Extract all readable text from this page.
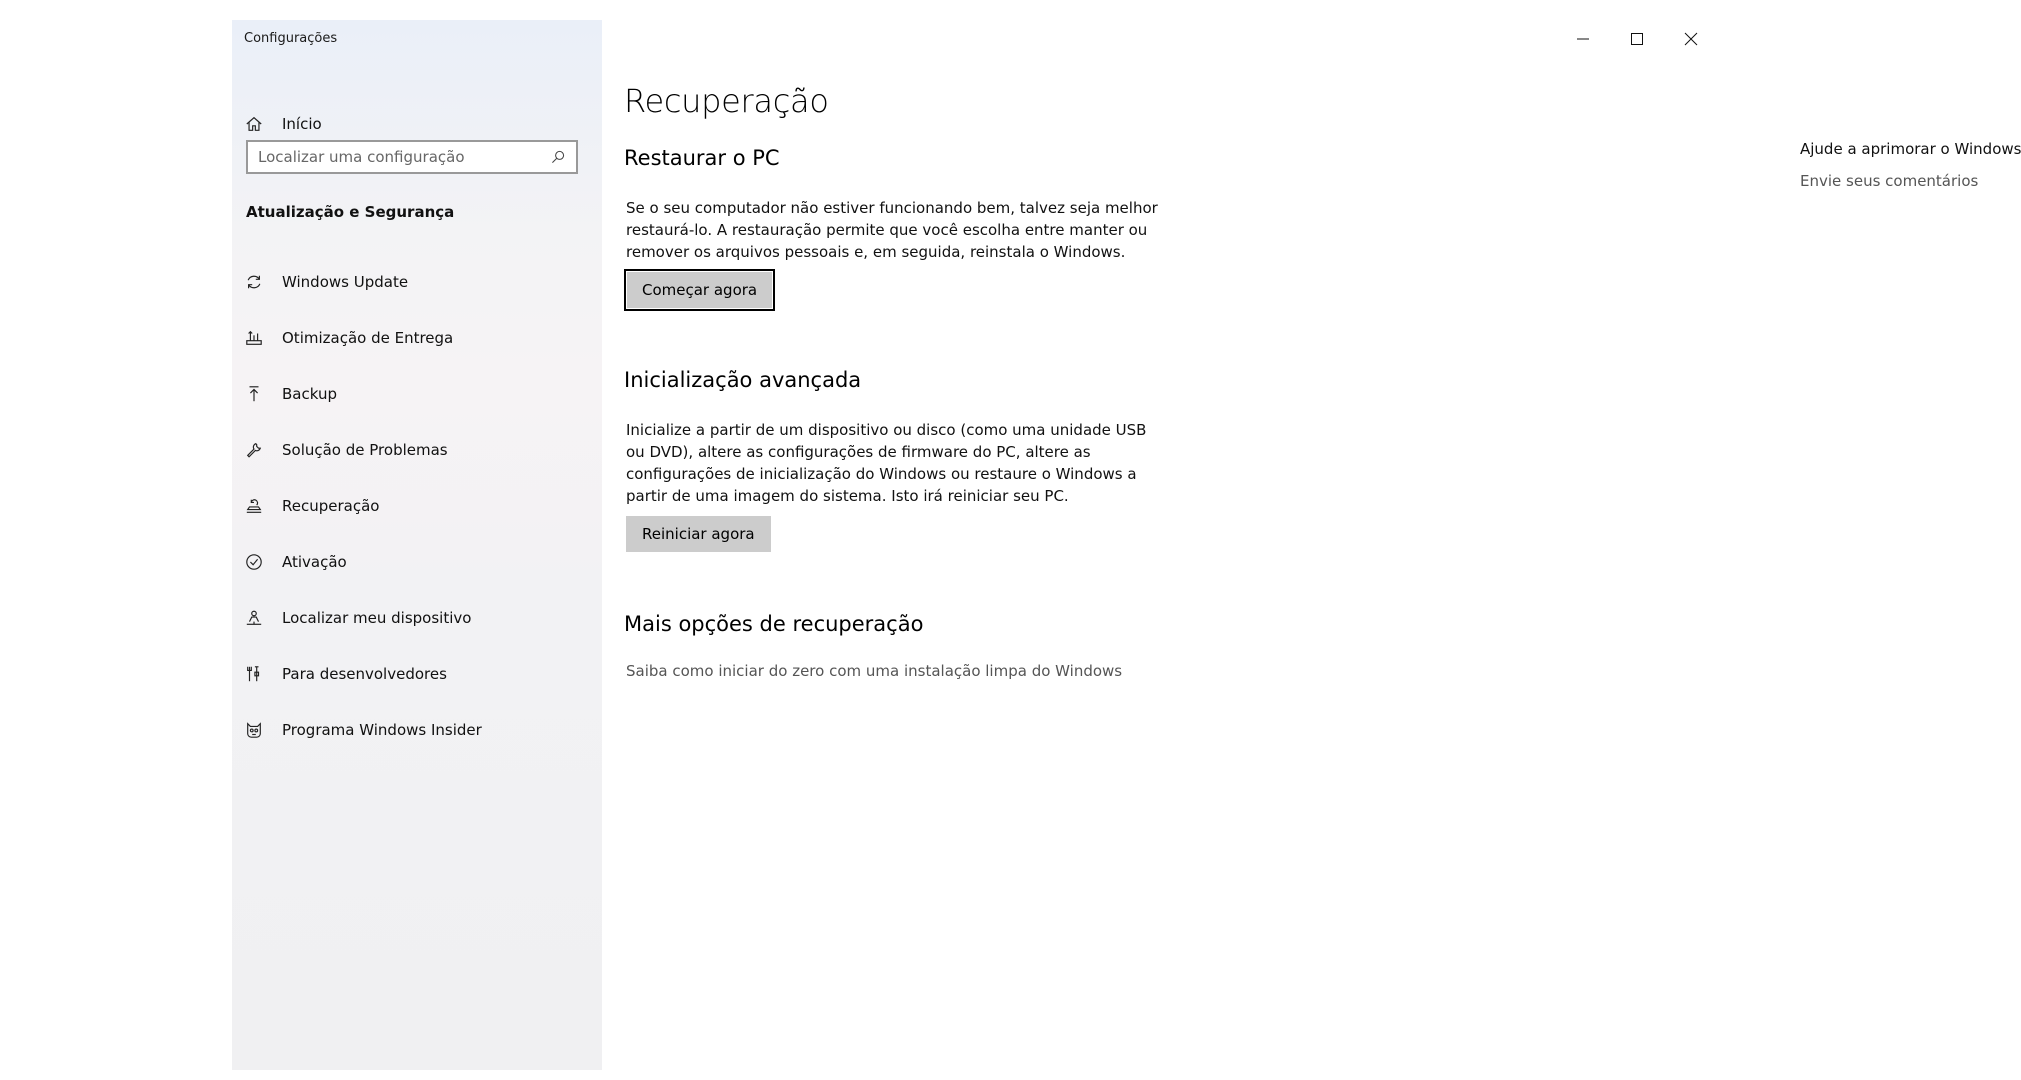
Configurações
Início
Localizar uma configuração
Atualização e Segurança
Windows Update
Otimização de Entrega
Backup
Solução de Problemas
Recuperação
Ativação
Localizar meu dispositivo
Para desenvolvedores
Programa Windows Insider
Recuperação
Restaurar o PC
Se o seu computador não estiver funcionando bem, talvez seja melhor restaurá-lo. A restauração permite que você escolha entre manter ou remover os arquivos pessoais e, em seguida, reinstala o Windows.
Começar agora
Inicialização avançada
Inicialize a partir de um dispositivo ou disco (como uma unidade USB ou DVD), altere as configurações de firmware do PC, altere as configurações de inicialização do Windows ou restaure o Windows a partir de uma imagem do sistema. Isto irá reiniciar seu PC.
Reiniciar agora
Mais opções de recuperação
Saiba como iniciar do zero com uma instalação limpa do Windows
Ajude a aprimorar o Windows
Envie seus comentários
